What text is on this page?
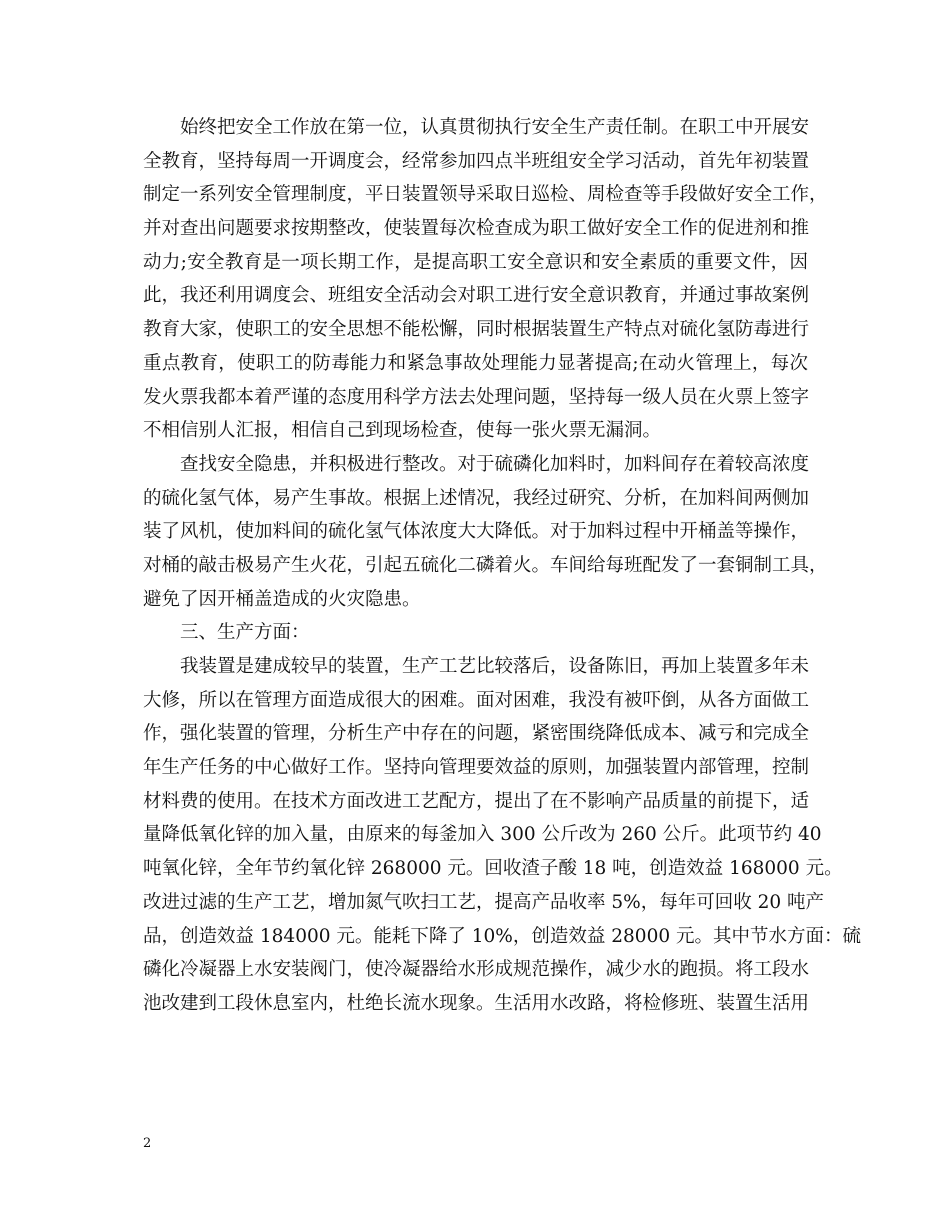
始终把安全工作放在第一位，认真贯彻执行安全生产责任制。在职工中开展安
全教育，坚持每周一开调度会，经常参加四点半班组安全学习活动，首先年初装置
制定一系列安全管理制度，平日装置领导采取日巡检、周检查等手段做好安全工作，
并对查出问题要求按期整改，使装置每次检查成为职工做好安全工作的促进剂和推
动力;安全教育是一项长期工作，是提高职工安全意识和安全素质的重要文件，因
此，我还利用调度会、班组安全活动会对职工进行安全意识教育，并通过事故案例
教育大家，使职工的安全思想不能松懈，同时根据装置生产特点对硫化氢防毒进行
重点教育，使职工的防毒能力和紧急事故处理能力显著提高;在动火管理上，每次
发火票我都本着严谨的态度用科学方法去处理问题，坚持每一级人员在火票上签字
不相信别人汇报，相信自己到现场检查，使每一张火票无漏洞。
查找安全隐患，并积极进行整改。对于硫磷化加料时，加料间存在着较高浓度
的硫化氢气体，易产生事故。根据上述情况，我经过研究、分析，在加料间两侧加
装了风机，使加料间的硫化氢气体浓度大大降低。对于加料过程中开桶盖等操作，
对桶的敲击极易产生火花，引起五硫化二磷着火。车间给每班配发了一套铜制工具，
避免了因开桶盖造成的火灾隐患。
三、生产方面：
我装置是建成较早的装置，生产工艺比较落后，设备陈旧，再加上装置多年未
大修，所以在管理方面造成很大的困难。面对困难，我没有被吓倒，从各方面做工
作，强化装置的管理，分析生产中存在的问题，紧密围绕降低成本、减亏和完成全
年生产任务的中心做好工作。坚持向管理要效益的原则，加强装置内部管理，控制
材料费的使用。在技术方面改进工艺配方，提出了在不影响产品质量的前提下，适
量降低氧化锌的加入量，由原来的每釜加入 300 公斤改为 260 公斤。此项节约 40
吨氧化锌，全年节约氧化锌 268000 元。回收渣子酸 18 吨，创造效益 168000 元。
改进过滤的生产工艺，增加氮气吹扫工艺，提高产品收率 5%，每年可回收 20 吨产
品，创造效益 184000 元。能耗下降了 10%，创造效益 28000 元。其中节水方面：硫
磷化冷凝器上水安装阀门，使冷凝器给水形成规范操作，减少水的跑损。将工段水
池改建到工段休息室内，杜绝长流水现象。生活用水改路，将检修班、装置生活用
2
